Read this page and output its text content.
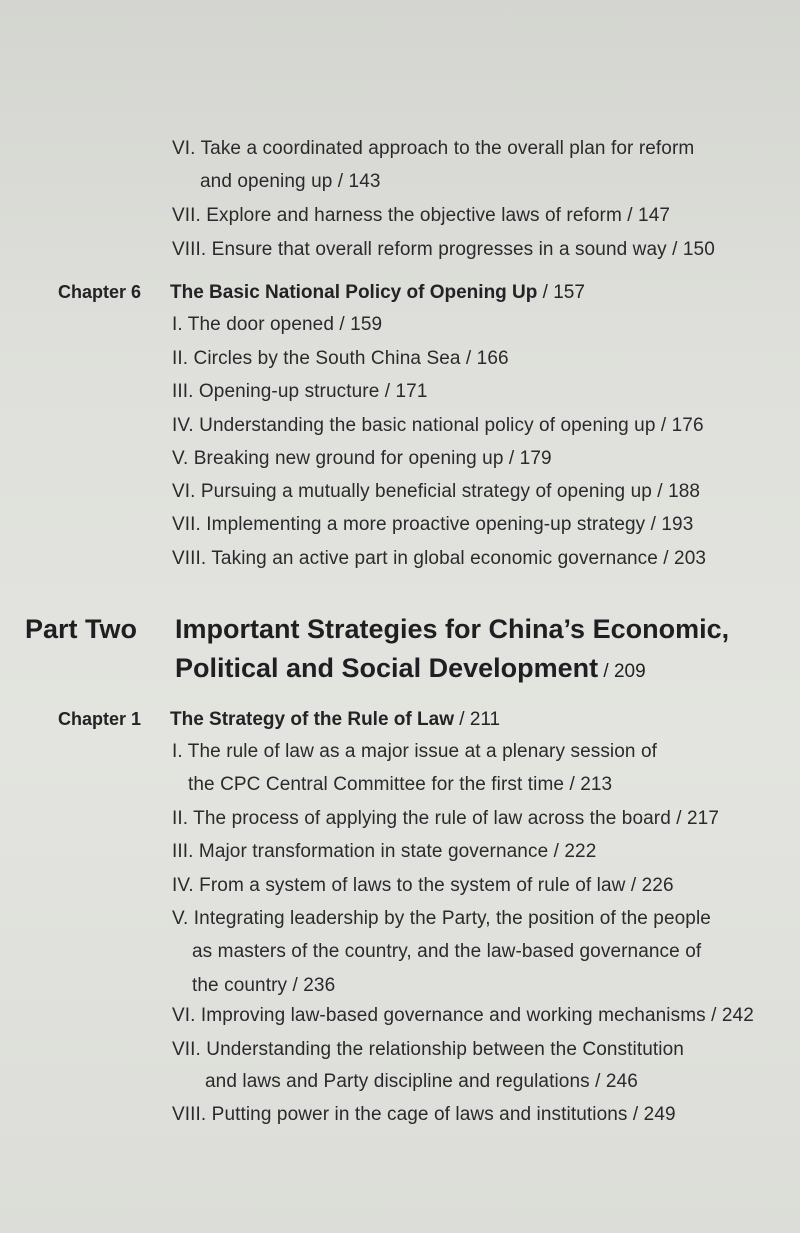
VI. Take a coordinated approach to the overall plan for reform
and opening up / 143
VII. Explore and harness the objective laws of reform / 147
VIII. Ensure that overall reform progresses in a sound way / 150
Chapter 6 The Basic National Policy of Opening Up / 157
I. The door opened / 159
II. Circles by the South China Sea / 166
III. Opening-up structure / 171
IV. Understanding the basic national policy of opening up / 176
V. Breaking new ground for opening up / 179
VI. Pursuing a mutually beneficial strategy of opening up / 188
VII. Implementing a more proactive opening-up strategy / 193
VIII. Taking an active part in global economic governance / 203
Part Two Important Strategies for China’s Economic,
Political and Social Development / 209
Chapter 1 The Strategy of the Rule of Law / 211
I. The rule of law as a major issue at a plenary session of
the CPC Central Committee for the first time / 213
II. The process of applying the rule of law across the board / 217
III. Major transformation in state governance / 222
IV. From a system of laws to the system of rule of law / 226
V. Integrating leadership by the Party, the position of the people
as masters of the country, and the law-based governance of
the country / 236
VI. Improving law-based governance and working mechanisms / 242
VII. Understanding the relationship between the Constitution
and laws and Party discipline and regulations / 246
VIII. Putting power in the cage of laws and institutions / 249
